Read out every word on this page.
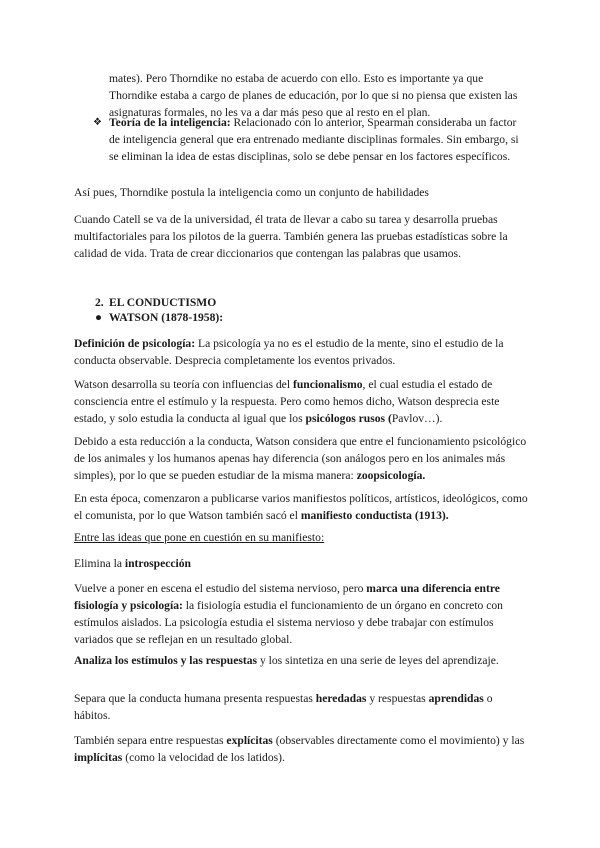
mates). Pero Thorndike no estaba de acuerdo con ello. Esto es importante ya que Thorndike estaba a cargo de planes de educación, por lo que si no piensa que existen las asignaturas formales, no les va a dar más peso que al resto en el plan.

❖ Teoría de la inteligencia: Relacionado con lo anterior, Spearman consideraba un factor de inteligencia general que era entrenado mediante disciplinas formales. Sin embargo, si se eliminan la idea de estas disciplinas, solo se debe pensar en los factores específicos.

Así pues, Thorndike postula la inteligencia como un conjunto de habilidades

Cuando Catell se va de la universidad, él trata de llevar a cabo su tarea y desarrolla pruebas multifactoriales para los pilotos de la guerra. También genera las pruebas estadísticas sobre la calidad de vida. Trata de crear diccionarios que contengan las palabras que usamos.

2. EL CONDUCTISMO
● WATSON (1878-1958):

Definición de psicología: La psicología ya no es el estudio de la mente, sino el estudio de la conducta observable. Desprecia completamente los eventos privados.

Watson desarrolla su teoría con influencias del funcionalismo, el cual estudia el estado de consciencia entre el estímulo y la respuesta. Pero como hemos dicho, Watson desprecia este estado, y solo estudia la conducta al igual que los psicólogos rusos (Pavlov…).

Debido a esta reducción a la conducta, Watson considera que entre el funcionamiento psicológico de los animales y los humanos apenas hay diferencia (son análogos pero en los animales más simples), por lo que se pueden estudiar de la misma manera: zoopsicología.

En esta época, comenzaron a publicarse varios manifiestos políticos, artísticos, ideológicos, como el comunista, por lo que Watson también sacó el manifiesto conductista (1913).

Entre las ideas que pone en cuestión en su manifiesto:

Elimina la introspección

Vuelve a poner en escena el estudio del sistema nervioso, pero marca una diferencia entre fisiología y psicología: la fisiología estudia el funcionamiento de un órgano en concreto con estímulos aislados. La psicología estudia el sistema nervioso y debe trabajar con estímulos variados que se reflejan en un resultado global.

Analiza los estímulos y las respuestas y los sintetiza en una serie de leyes del aprendizaje.

Separa que la conducta humana presenta respuestas heredadas y respuestas aprendidas o hábitos.

También separa entre respuestas explícitas (observables directamente como el movimiento) y las implícitas (como la velocidad de los latidos).
